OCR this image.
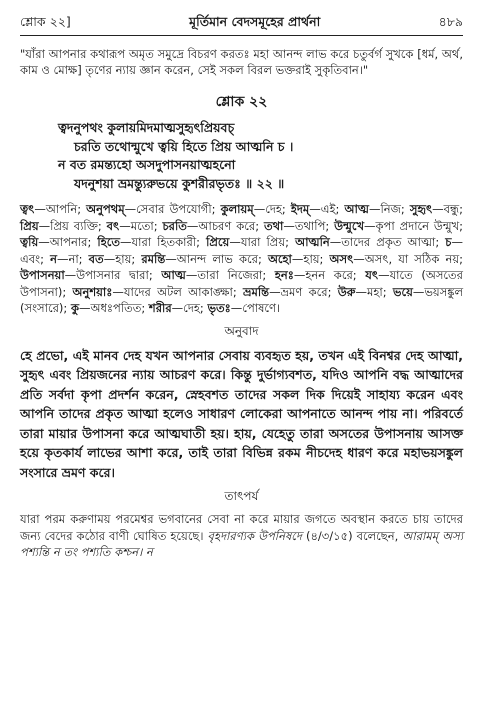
শ্লোক ২২]	মূর্তিমান বেদসমূহের প্রার্থনা	৪৮৯
"যাঁরা আপনার কথারূপ অমৃত সমুদ্রে বিচরণ করতঃ মহা আনন্দ লাভ করে চতুর্বর্গ সুখকে [ধর্ম, অর্থ, কাম ও মোক্ষ] তৃণের ন্যায় জ্ঞান করেন, সেই সকল বিরল ভক্তরাই সুকৃতিবান।"
শ্লোক ২২
ত্বদনুপথং কুলায়মিদমাত্মসুহৃৎপ্রিয়বচ্
চরতি তথোন্মুখে ত্বয়ি হিতে প্রিয় আত্মনি চ ।
ন বত রমন্ত্যহো অসদুপাসনয়াত্মহনো
যদনুশয়া ভ্রমন্ত্যুরুভয়ে কুশরীরভৃতঃ ॥ ২২ ॥
ত্বৎ—আপনি; অনুপথম্—সেবার উপযোগী; কুলায়ম্—দেহ; ইদম্—এই; আত্ম—নিজ; সুহৃৎ—বন্ধু; প্রিয়—প্রিয় ব্যক্তি; বৎ—মতো; চরতি—আচরণ করে; তথা—তথাপি; উন্মুখে—কৃপা প্রদানে উন্মুখ; ত্বয়ি—আপনার; হিতে—যারা হিতকারী; প্রিয়ে—যারা প্রিয়; আত্মনি—তাদের প্রকৃত আত্মা; চ—এবং; ন—না; বত—হায়; রমন্তি—আনন্দ লাভ করে; অহো—হায়; অসৎ—অসৎ, যা সঠিক নয়; উপাসনয়া—উপাসনার দ্বারা; আত্ম—তারা নিজেরা; হনঃ—হনন করে; যৎ—যাতে (অসতের উপাসনা); অনুশয়াঃ—যাদের অটল আকাঙ্ক্ষা; ভ্রমন্তি—ভ্রমণ করে; উরু—মহা; ভয়ে—ভয়সঙ্কুল (সংসারে); কু—অধঃপতিত; শরীর—দেহ; ভৃতঃ—পোষণে।
অনুবাদ
হে প্রভো, এই মানব দেহ যখন আপনার সেবায় ব্যবহৃত হয়, তখন এই বিনশ্বর দেহ আত্মা, সুহৃৎ এবং প্রিয়জনের ন্যায় আচরণ করে। কিন্তু দুর্ভাগ্যবশত, যদিও আপনি বদ্ধ আত্মাদের প্রতি সর্বদা কৃপা প্রদর্শন করেন, স্নেহবশত তাদের সকল দিক দিয়েই সাহায্য করেন এবং আপনি তাদের প্রকৃত আত্মা হলেও সাধারণ লোকেরা আপনাতে আনন্দ পায় না। পরিবর্তে তারা মায়ার উপাসনা করে আত্মঘাতী হয়। হায়, যেহেতু তারা অসতের উপাসনায় আসক্ত হয়ে কৃতকার্য লাভের আশা করে, তাই তারা বিভিন্ন রকম নীচদেহ ধারণ করে মহাভয়সঙ্কুল সংসারে ভ্রমণ করে।
তাৎপর্য
যারা পরম করুণাময় পরমেশ্বর ভগবানের সেবা না করে মায়ার জগতে অবস্থান করতে চায় তাদের জন্য বেদের কঠোর বাণী ঘোষিত হয়েছে। বৃহদারণ্যক উপনিষদে (৪/৩/১৫) বলেছেন, আরামম্ অস্য পশ্যন্তি ন তং পশ্যতি কশ্চন। ন
